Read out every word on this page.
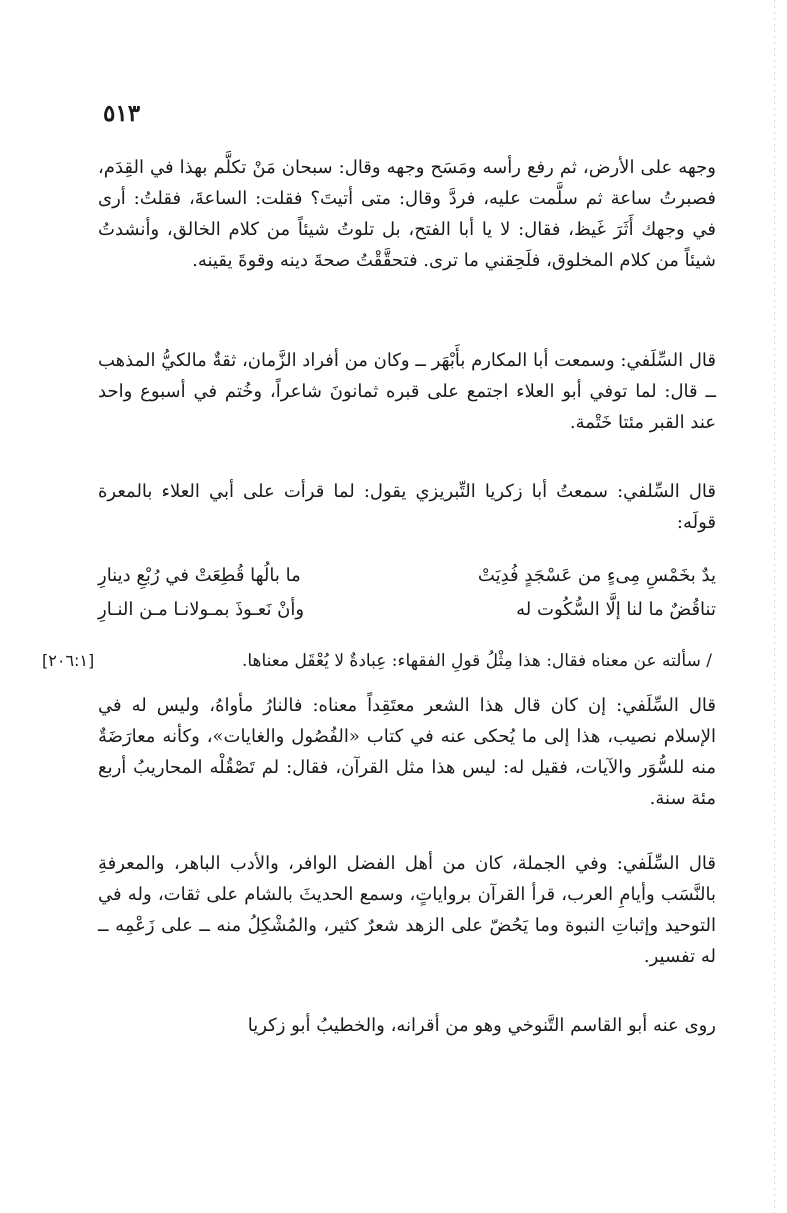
٥١٣

وجهه على الأرض، ثم رفع رأسه ومَسَح وجهه وقال: سبحان مَنْ تكلَّم بهذا في القِدَم، فصبرتُ ساعة ثم سلَّمت عليه، فردَّ وقال: متى أتيتَ؟ فقلت: الساعةَ، فقلتُ: أرى في وجهك أَثَرَ غَيظ، فقال: لا يا أبا الفتح، بل تلوتُ شيئاً من كلام الخالق، وأنشدتُ شيئاً من كلام المخلوق، فلَحِقني ما ترى. فتحقَّقْتُ صحةَ دينه وقوةَ يقينه.

قال السِّلَفي: وسمعت أبا المكارم بأَبْهَر ــ وكان من أفراد الزَّمان، ثقةٌ مالكيُّ المذهب ــ قال: لما توفي أبو العلاء اجتمع على قبره ثمانونَ شاعراً، وخُتم في أسبوع واحد عند القبر مئتا خَتْمة.

قال السِّلفي: سمعتُ أبا زكريا التِّبريزي يقول: لما قرأت على أبي العلاء بالمعرة قولَه:

يدٌ بخَمْسِ مِىءٍ من عَسْجَدٍ فُدِيَتْ
ما بالُها قُطِعَتْ في رُبْعِ دينارِ
تناقُضٌ ما لنا إلَّا السُّكُوت له
وأنْ نَعـوذَ بمـولانـا مـن النـارِ
[٢٠٦:١]	/ سألته عن معناه فقال: هذا مِثْلُ قولِ الفقهاء: عِبادةٌ لا يُعْقَل معناها.

قال السِّلَفي: إن كان قال هذا الشعر معتَقِداً معناه: فالنارُ مأواهُ، وليس له في الإسلام نصيب، هذا إلى ما يُحكى عنه في كتاب «الفُصُول والغايات»، وكأنه معارَضَةٌ منه للسُّوَر والآيات، فقيل له: ليس هذا مثل القرآن، فقال: لم تَصْقُلْه المحاريبُ أربع مئة سنة.

قال السِّلَفي: وفي الجملة، كان من أهل الفضل الوافر، والأدب الباهر، والمعرفةِ بالنَّسَب وأيامِ العرب، قرأ القرآن برواياتٍ، وسمع الحديثَ بالشام على ثقات، وله في التوحيد وإثباتِ النبوة وما يَحُضّ على الزهد شعرٌ كثير، والمُشْكِلُ منه ــ على زَعْمِه ــ له تفسير.

روى عنه أبو القاسم التَّنوخي وهو من أقرانه، والخطيبُ أبو زكريا
